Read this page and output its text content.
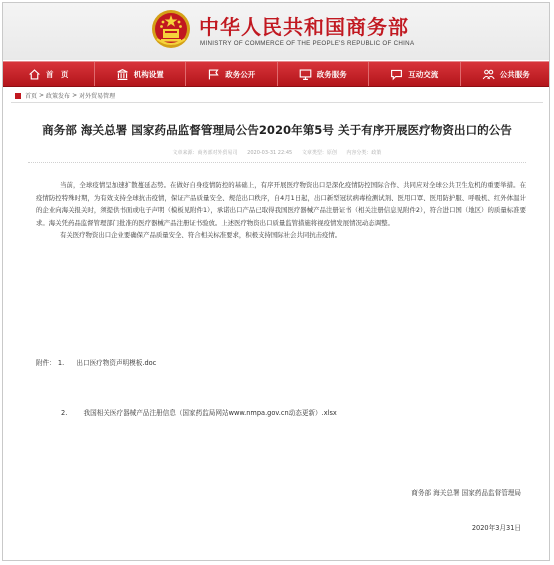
中华人民共和国商务部
MINISTRY OF COMMERCE OF THE PEOPLE'S REPUBLIC OF CHINA
首　页	机构设置	政务公开	政务服务	互动交流	公共服务
首页 > 政策发布 > 对外贸易管理
商务部 海关总署 国家药品监督管理局公告2020年第5号 关于有序开展医疗物资出口的公告
文章来源：商务部对外贸易司 2020-03-31 22:45 文章类型：原创 内容分类：政策

当前，全球疫情呈加速扩散蔓延态势。在做好自身疫情防控的基础上，有序开展医疗物资出口是深化疫情防控国际合作、共同应对全球公共卫生危机的重要举措。在疫情防控特殊时期，为有效支持全球抗击疫情，保证产品质量安全、规范出口秩序，自4月1日起，出口新型冠状病毒检测试剂、医用口罩、医用防护服、呼吸机、红外体温计的企业向海关报关时，须提供书面或电子声明（模板见附件1），承诺出口产品已取得我国医疗器械产品注册证书（相关注册信息见附件2），符合进口国（地区）的质量标准要求。海关凭药品监督管理部门批准的医疗器械产品注册证书验放。上述医疗物资出口质量监管措施将视疫情发展情况动态调整。

有关医疗物资出口企业要确保产品质量安全、符合相关标准要求，积极支持国际社会共同抗击疫情。

附件： 1. 出口医疗物资声明模板.doc
2. 我国相关医疗器械产品注册信息（国家药监局网站www.nmpa.gov.cn动态更新）.xlsx
商务部 海关总署 国家药品监督管理局
2020年3月31日
